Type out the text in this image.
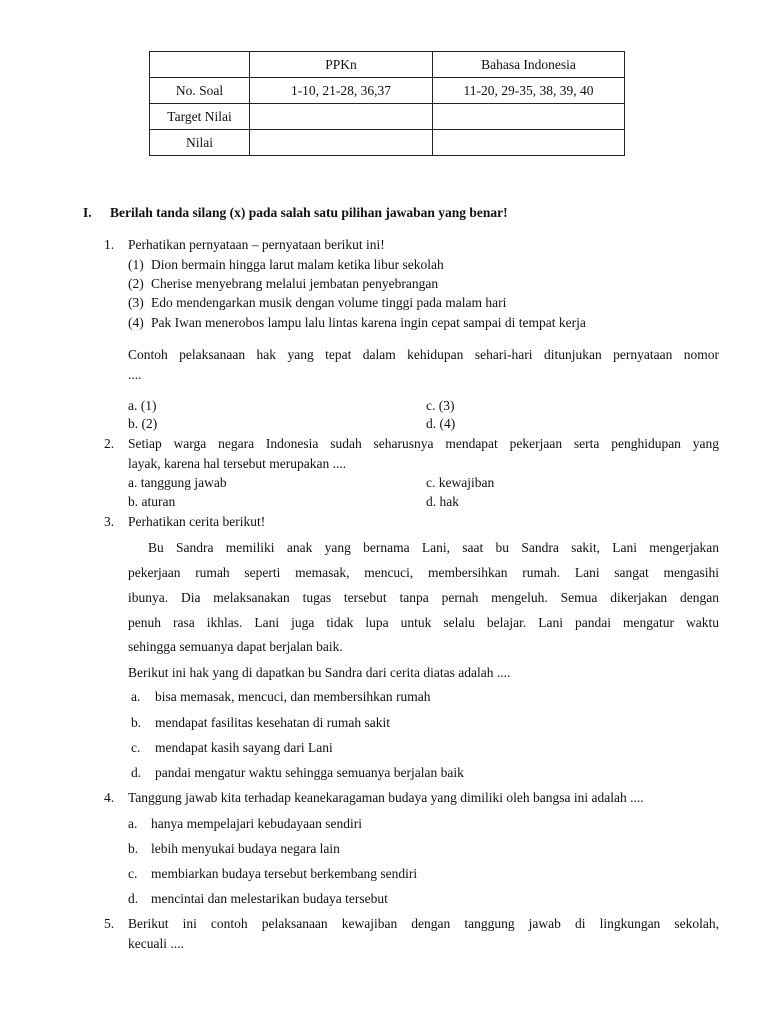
	PPKn	Bahasa Indonesia
No. Soal	1-10, 21-28, 36,37	11-20, 29-35, 38, 39, 40
Target Nilai		
Nilai		
I. Berilah tanda silang (x) pada salah satu pilihan jawaban yang benar!
1. Perhatikan pernyataan – pernyataan berikut ini!
(1) Dion bermain hingga larut malam ketika libur sekolah
(2) Cherise menyebrang melalui jembatan penyebrangan
(3) Edo mendengarkan musik dengan volume tinggi pada malam hari
(4) Pak Iwan menerobos lampu lalu lintas karena ingin cepat sampai di tempat kerja
Contoh pelaksanaan hak yang tepat dalam kehidupan sehari-hari ditunjukan pernyataan nomor
....
a. (1)	c. (3)
b. (2)	d. (4)
2. Setiap warga negara Indonesia sudah seharusnya mendapat pekerjaan serta penghidupan yang
layak, karena hal tersebut merupakan ....
a. tanggung jawab	c. kewajiban
b. aturan	d. hak
3. Perhatikan cerita berikut!
Bu Sandra memiliki anak yang bernama Lani, saat bu Sandra sakit, Lani mengerjakan
pekerjaan rumah seperti memasak, mencuci, membersihkan rumah. Lani sangat mengasihi
ibunya. Dia melaksanakan tugas tersebut tanpa pernah mengeluh. Semua dikerjakan dengan
penuh rasa ikhlas. Lani juga tidak lupa untuk selalu belajar. Lani pandai mengatur waktu
sehingga semuanya dapat berjalan baik.
Berikut ini hak yang di dapatkan bu Sandra dari cerita diatas adalah ....
a. bisa memasak, mencuci, dan membersihkan rumah
b. mendapat fasilitas kesehatan di rumah sakit
c. mendapat kasih sayang dari Lani
d. pandai mengatur waktu sehingga semuanya berjalan baik
4. Tanggung jawab kita terhadap keanekaragaman budaya yang dimiliki oleh bangsa ini adalah ....
a. hanya mempelajari kebudayaan sendiri
b. lebih menyukai budaya negara lain
c. membiarkan budaya tersebut berkembang sendiri
d. mencintai dan melestarikan budaya tersebut
5. Berikut ini contoh pelaksanaan kewajiban dengan tanggung jawab di lingkungan sekolah,
kecuali ....
